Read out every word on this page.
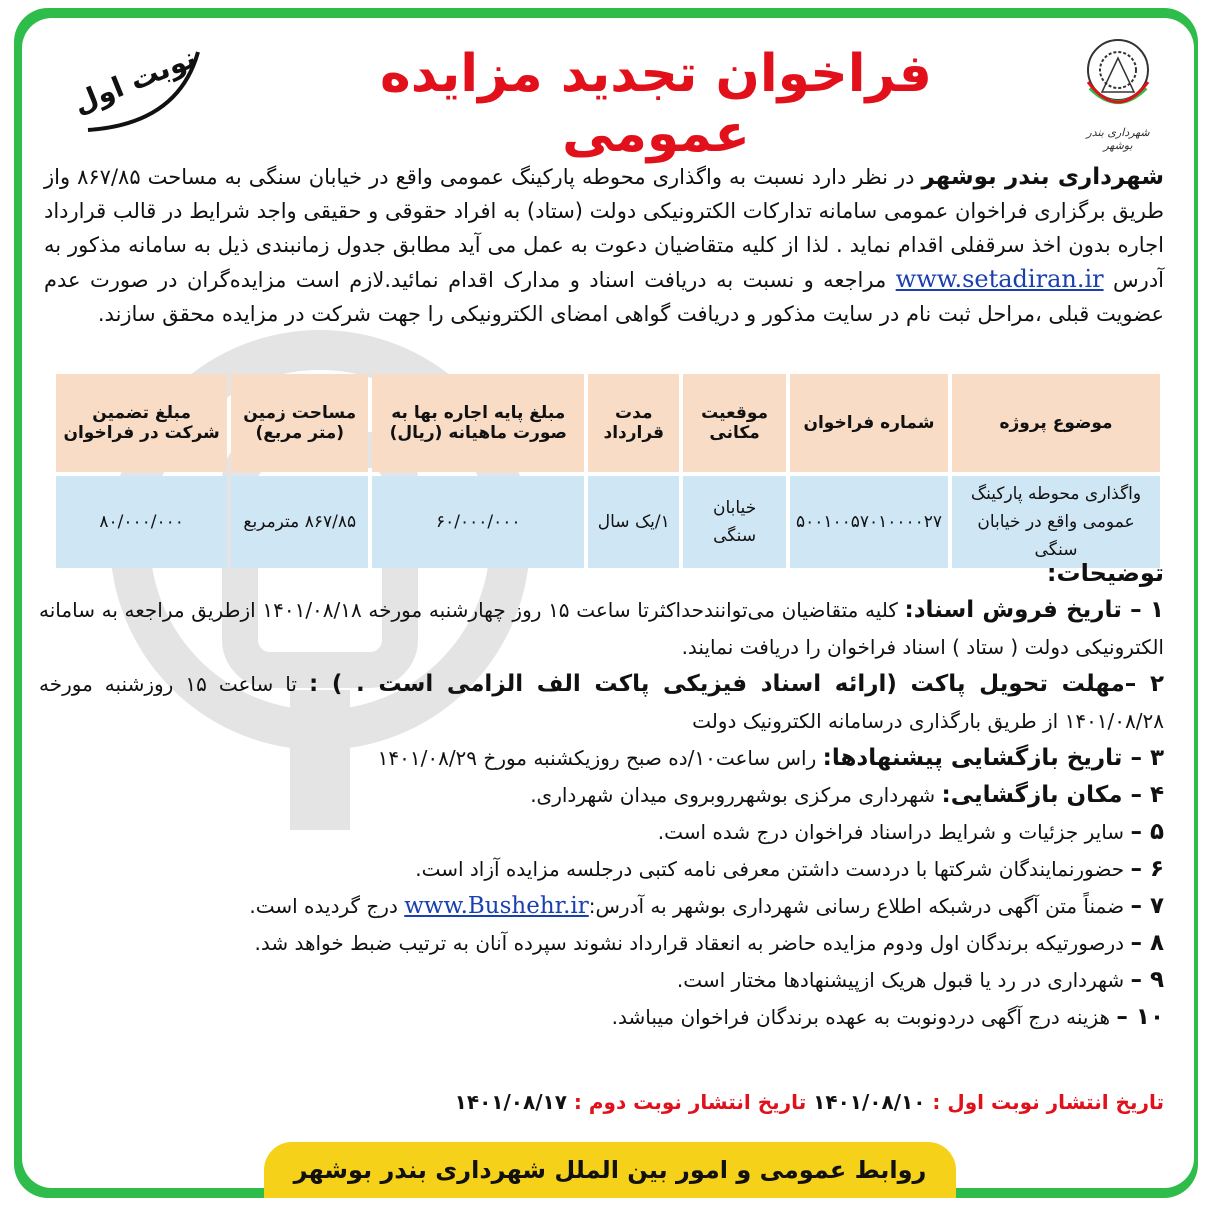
شهرداری بندر بوشهر
فراخوان تجدید مزایده عمومی
نوبت اول
شهرداری بندر بوشهر در نظر دارد نسبت به واگذاری محوطه پارکینگ عمومی واقع در خیابان سنگی به مساحت ۸۶۷/۸۵ واز طریق برگزاری فراخوان عمومی سامانه تدارکات الکترونیکی دولت (ستاد) به افراد حقوقی و حقیقی واجد شرایط در قالب قرارداد اجاره بدون اخذ سرقفلی اقدام نماید . لذا از کلیه متقاضیان دعوت به عمل می آید مطابق جدول زمانبندی ذیل به سامانه مذکور به آدرس www.setadiran.ir مراجعه و نسبت به دریافت اسناد و مدارک اقدام نمائید.لازم است مزایده‌گران در صورت عدم عضویت قبلی ،مراحل ثبت نام در سایت مذکور و دریافت گواهی امضای الکترونیکی را جهت شرکت در مزایده محقق سازند.
موضوع پروژه	شماره فراخوان	موقعیت مکانی	مدت قرارداد	مبلغ پایه اجاره بها به صورت ماهیانه (ریال)	مساحت زمین (متر مربع)	مبلغ تضمین شرکت در فراخوان
واگذاری محوطه پارکینگ عمومی واقع در خیابان سنگی	۵۰۰۱۰۰۵۷۰۱۰۰۰۰۲۷	خیابان سنگی	۱/یک سال	۶۰/۰۰۰/۰۰۰	۸۶۷/۸۵ مترمربع	۸۰/۰۰۰/۰۰۰
توضیحات:
۱ – تاریخ فروش اسناد: کلیه متقاضیان می‌توانندحداکثرتا ساعت ۱۵ روز چهارشنبه مورخه ۱۴۰۱/۰۸/۱۸ ازطریق مراجعه به سامانه الکترونیکی دولت ( ستاد ) اسناد فراخوان را دریافت نمایند.
۲ –مهلت تحویل پاکت (ارائه اسناد فیزیکی پاکت الف الزامی است . ) : تا ساعت ۱۵ روزشنبه مورخه ۱۴۰۱/۰۸/۲۸ از طریق بارگذاری درسامانه الکترونیک دولت
۳ – تاریخ بازگشایی پیشنهادها: راس ساعت۱۰/ده صبح روزیکشنبه مورخ ۱۴۰۱/۰۸/۲۹
۴ – مکان بازگشایی: شهرداری مرکزی بوشهرروبروی میدان شهرداری.
۵ – سایر جزئیات و شرایط دراسناد فراخوان درج شده است.
۶ – حضورنمایندگان شرکتها با دردست داشتن معرفی نامه کتبی درجلسه مزایده آزاد است.
۷ – ضمناً متن آگهی درشبکه اطلاع رسانی شهرداری بوشهر به آدرس:www.Bushehr.ir درج گردیده است.
۸ – درصورتیکه برندگان اول ودوم مزایده حاضر به انعقاد قرارداد نشوند سپرده آنان به ترتیب ضبط خواهد شد.
۹ – شهرداری در رد یا قبول هریک ازپیشنهادها مختار است.
۱۰ – هزینه درج آگهی دردونوبت به عهده برندگان فراخوان میباشد.
تاریخ انتشار نوبت اول : ۱۴۰۱/۰۸/۱۰ تاریخ انتشار نوبت دوم : ۱۴۰۱/۰۸/۱۷
روابط عمومی و امور بین الملل شهرداری بندر بوشهر
